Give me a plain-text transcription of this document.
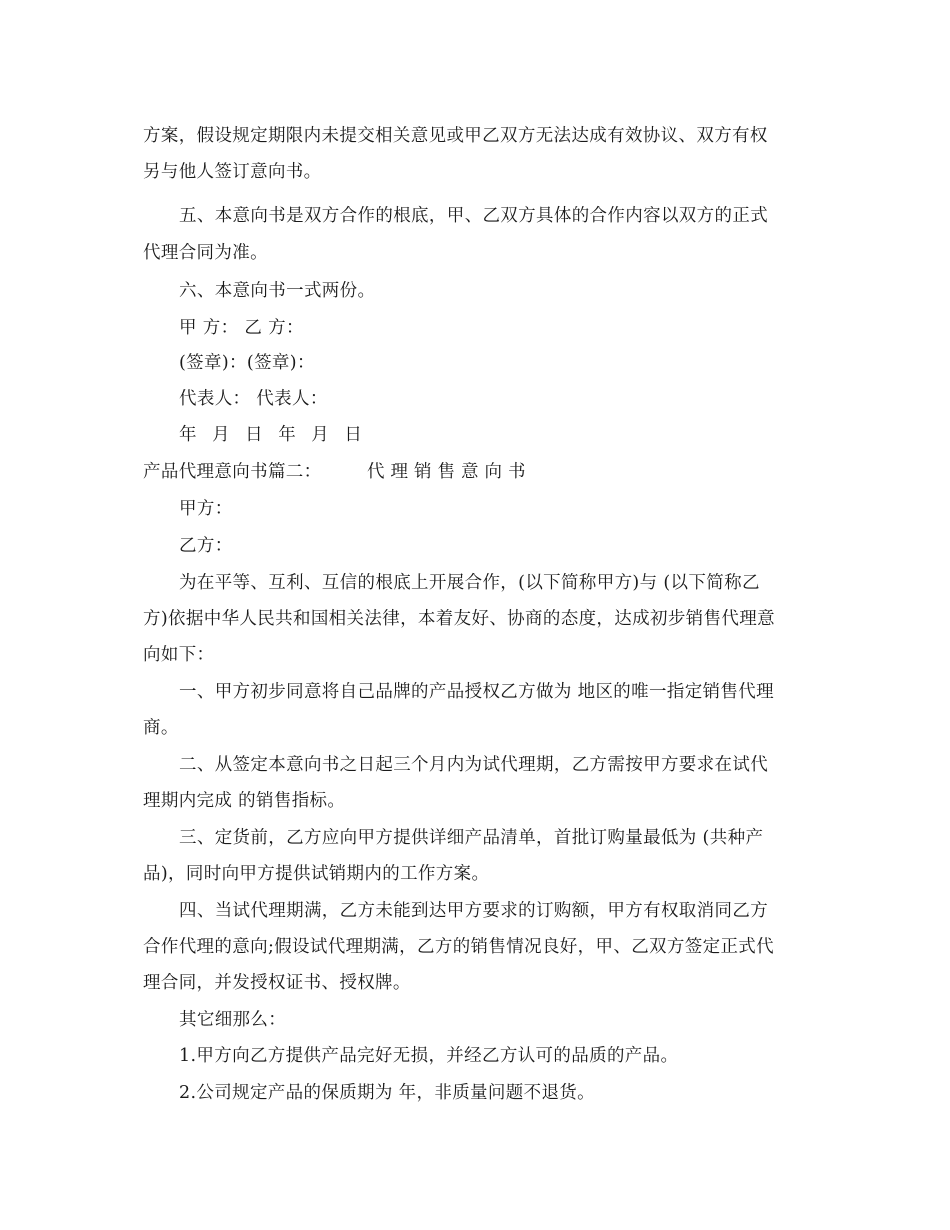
方案，假设规定期限内未提交相关意见或甲乙双方无法达成有效协议、双方有权
另与他人签订意向书。
五、本意向书是双方合作的根底，甲、乙双方具体的合作内容以双方的正式
代理合同为准。
六、本意向书一式两份。
甲 方： 乙 方：
(签章)：(签章)：
代表人： 代表人：
年 月 日 年 月 日
产品代理意向书篇二：	代理销售意向书
甲方：
乙方：
为在平等、互利、互信的根底上开展合作，(以下简称甲方)与 (以下简称乙
方)依据中华人民共和国相关法律，本着友好、协商的态度，达成初步销售代理意
向如下：
一、甲方初步同意将自己品牌的产品授权乙方做为 地区的唯一指定销售代理
商。
二、从签定本意向书之日起三个月内为试代理期，乙方需按甲方要求在试代
理期内完成 的销售指标。
三、定货前，乙方应向甲方提供详细产品清单，首批订购量最低为 (共种产
品)，同时向甲方提供试销期内的工作方案。
四、当试代理期满，乙方未能到达甲方要求的订购额，甲方有权取消同乙方
合作代理的意向;假设试代理期满，乙方的销售情况良好，甲、乙双方签定正式代
理合同，并发授权证书、授权牌。
其它细那么：
1.甲方向乙方提供产品完好无损，并经乙方认可的品质的产品。
2.公司规定产品的保质期为 年，非质量问题不退货。
